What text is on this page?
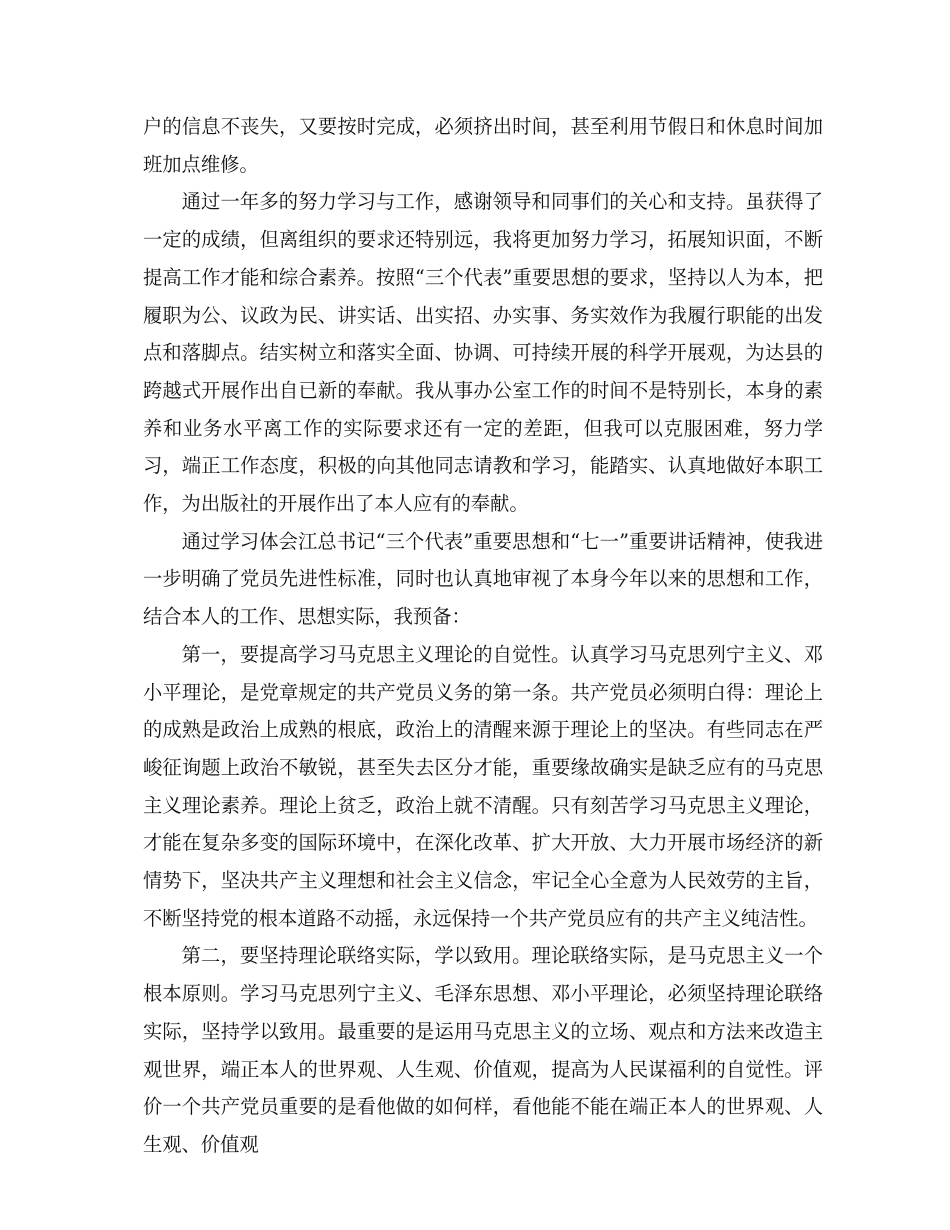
户的信息不丧失，又要按时完成，必须挤出时间，甚至利用节假日和休息时间加班加点维修。

通过一年多的努力学习与工作，感谢领导和同事们的关心和支持。虽获得了一定的成绩，但离组织的要求还特别远，我将更加努力学习，拓展知识面，不断提高工作才能和综合素养。按照“三个代表”重要思想的要求，坚持以人为本，把履职为公、议政为民、讲实话、出实招、办实事、务实效作为我履行职能的出发点和落脚点。结实树立和落实全面、协调、可持续开展的科学开展观，为达县的跨越式开展作出自已新的奉献。我从事办公室工作的时间不是特别长，本身的素养和业务水平离工作的实际要求还有一定的差距，但我可以克服困难，努力学习，端正工作态度，积极的向其他同志请教和学习，能踏实、认真地做好本职工作，为出版社的开展作出了本人应有的奉献。

通过学习体会江总书记“三个代表”重要思想和“七一”重要讲话精神，使我进一步明确了党员先进性标准，同时也认真地审视了本身今年以来的思想和工作，结合本人的工作、思想实际，我预备：

第一，要提高学习马克思主义理论的自觉性。认真学习马克思列宁主义、邓小平理论，是党章规定的共产党员义务的第一条。共产党员必须明白得：理论上的成熟是政治上成熟的根底，政治上的清醒来源于理论上的坚决。有些同志在严峻征询题上政治不敏锐，甚至失去区分才能，重要缘故确实是缺乏应有的马克思主义理论素养。理论上贫乏，政治上就不清醒。只有刻苦学习马克思主义理论，才能在复杂多变的国际环境中，在深化改革、扩大开放、大力开展市场经济的新情势下，坚决共产主义理想和社会主义信念，牢记全心全意为人民效劳的主旨，不断坚持党的根本道路不动摇，永远保持一个共产党员应有的共产主义纯洁性。

第二，要坚持理论联络实际，学以致用。理论联络实际，是马克思主义一个根本原则。学习马克思列宁主义、毛泽东思想、邓小平理论，必须坚持理论联络实际，坚持学以致用。最重要的是运用马克思主义的立场、观点和方法来改造主观世界，端正本人的世界观、人生观、价值观，提高为人民谋福利的自觉性。评价一个共产党员重要的是看他做的如何样，看他能不能在端正本人的世界观、人生观、价值观
